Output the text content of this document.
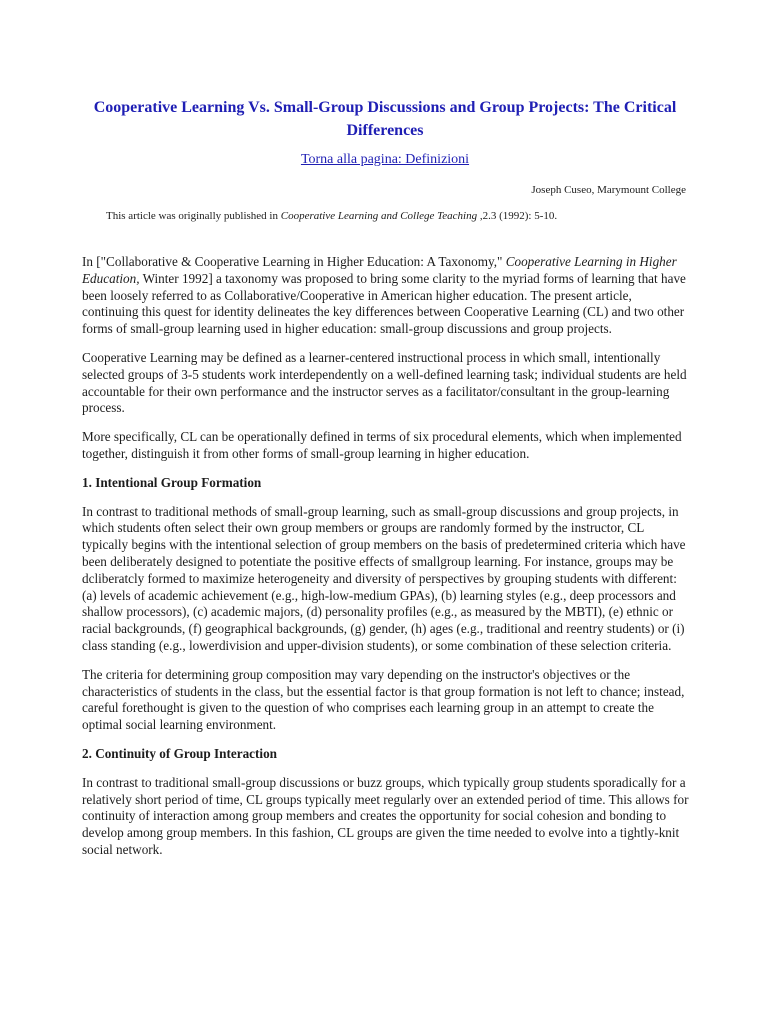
Cooperative Learning Vs. Small-Group Discussions and Group Projects: The Critical Differences
Torna alla pagina: Definizioni
Joseph Cuseo, Marymount College
This article was originally published in Cooperative Learning and College Teaching ,2.3 (1992): 5-10.

In ["Collaborative & Cooperative Learning in Higher Education: A Taxonomy," Cooperative Learning in Higher Education, Winter 1992] a taxonomy was proposed to bring some clarity to the myriad forms of learning that have been loosely referred to as Collaborative/Cooperative in American higher education. The present article, continuing this quest for identity delineates the key differences between Cooperative Learning (CL) and two other forms of small-group learning used in higher education: small-group discussions and group projects.

Cooperative Learning may be defined as a learner-centered instructional process in which small, intentionally selected groups of 3-5 students work interdependently on a well-defined learning task; individual students are held accountable for their own performance and the instructor serves as a facilitator/consultant in the group-learning process.

More specifically, CL can be operationally defined in terms of six procedural elements, which when implemented together, distinguish it from other forms of small-group learning in higher education.

1. Intentional Group Formation

In contrast to traditional methods of small-group learning, such as small-group discussions and group projects, in which students often select their own group members or groups are randomly formed by the instructor, CL typically begins with the intentional selection of group members on the basis of predetermined criteria which have been deliberately designed to potentiate the positive effects of smallgroup learning. For instance, groups may be dcliberatcly formed to maximize heterogeneity and diversity of perspectives by grouping students with different: (a) levels of academic achievement (e.g., high-low-medium GPAs), (b) learning styles (e.g., deep processors and shallow processors), (c) academic majors, (d) personality profiles (e.g., as measured by the MBTI), (e) ethnic or racial backgrounds, (f) geographical backgrounds, (g) gender, (h) ages (e.g., traditional and reentry students) or (i) class standing (e.g., lowerdivision and upper-division students), or some combination of these selection criteria.

The criteria for determining group composition may vary depending on the instructor's objectives or the characteristics of students in the class, but the essential factor is that group formation is not left to chance; instead, careful forethought is given to the question of who comprises each learning group in an attempt to create the optimal social learning environment.

2. Continuity of Group Interaction

In contrast to traditional small-group discussions or buzz groups, which typically group students sporadically for a relatively short period of time, CL groups typically meet regularly over an extended period of time. This allows for continuity of interaction among group members and creates the opportunity for social cohesion and bonding to develop among group members. In this fashion, CL groups are given the time needed to evolve into a tightly-knit social network.
